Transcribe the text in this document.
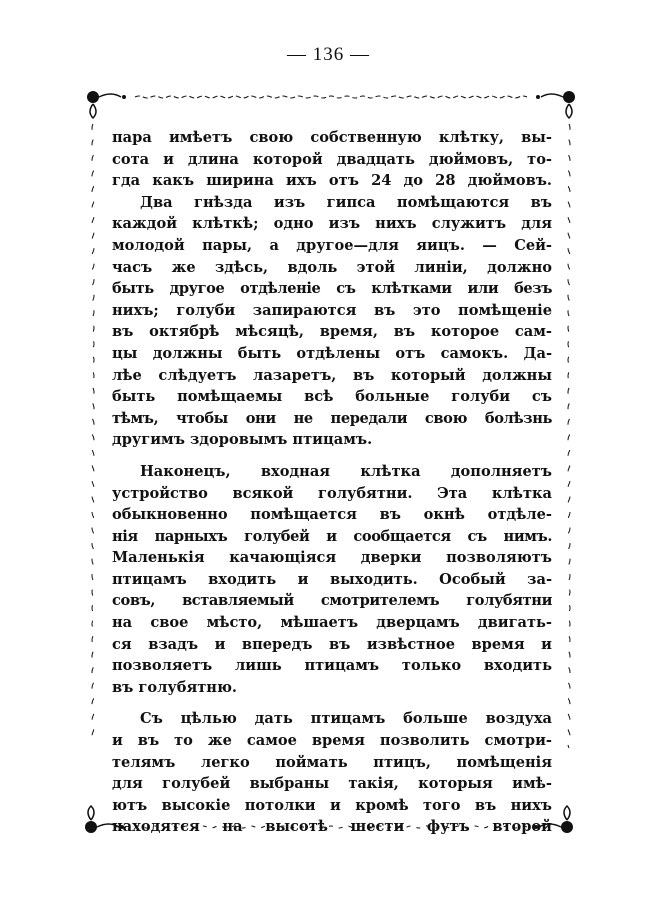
— 136 —
пара имѣетъ свою собственную клѣтку, вы-
сота и длина которой двадцать дюймовъ, то-
гда какъ ширина ихъ отъ 24 до 28 дюймовъ.
Два гнѣзда изъ гипса помѣщаются въ
каждой клѣткѣ; одно изъ нихъ служитъ для
молодой пары, а другое—для яицъ. — Сей-
часъ же здѣсь, вдоль этой линіи, должно
быть другое отдѣленіе съ клѣтками или безъ
нихъ; голуби запираются въ это помѣщеніе
въ октябрѣ мѣсяцѣ, время, въ которое сам-
цы должны быть отдѣлены отъ самокъ. Да-
лѣе слѣдуетъ лазаретъ, въ который должны
быть помѣщаемы всѣ больные голуби съ
тѣмъ, чтобы они не передали свою болѣзнь
другимъ здоровымъ птицамъ.
Наконецъ, входная клѣтка дополняетъ
устройство всякой голубятни. Эта клѣтка
обыкновенно помѣщается въ окнѣ отдѣле-
нія парныхъ голубей и сообщается съ нимъ.
Маленькія качающіяся дверки позволяютъ
птицамъ входить и выходить. Особый за-
совъ, вставляемый смотрителемъ голубятни
на свое мѣсто, мѣшаетъ дверцамъ двигать-
ся взадъ и впередъ въ извѣстное время и
позволяетъ лишь птицамъ только входить
въ голубятню.
Съ цѣлью дать птицамъ больше воздуха
и въ то же самое время позволить смотри-
телямъ легко поймать птицъ, помѣщенія
для голубей выбраны такія, которыя имѣ-
ютъ высокіе потолки и кромѣ того въ нихъ
находятся на высотѣ шести футъ второй
